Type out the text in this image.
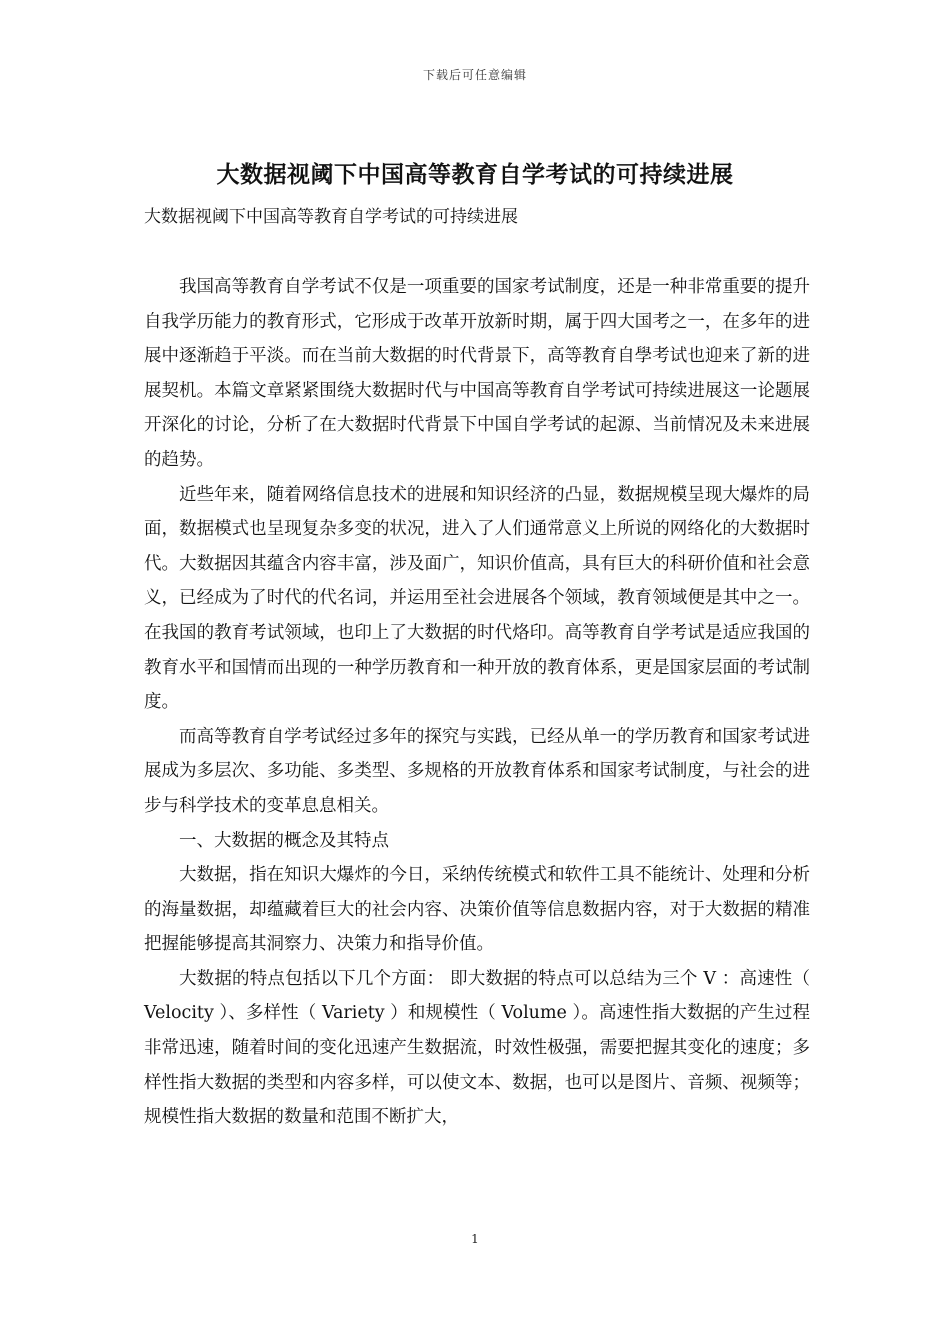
下载后可任意编辑
大数据视阈下中国高等教育自学考试的可持续进展
大数据视阈下中国高等教育自学考试的可持续进展

我国高等教育自学考试不仅是一项重要的国家考试制度，还是一种非常重要的提升自我学历能力的教育形式，它形成于改革开放新时期，属于四大国考之一，在多年的进展中逐渐趋于平淡。而在当前大数据的时代背景下，高等教育自學考试也迎来了新的进展契机。本篇文章紧紧围绕大数据时代与中国高等教育自学考试可持续进展这一论题展开深化的讨论，分析了在大数据时代背景下中国自学考试的起源、当前情况及未来进展的趋势。

近些年来，随着网络信息技术的进展和知识经济的凸显，数据规模呈现大爆炸的局面，数据模式也呈现复杂多变的状况，进入了人们通常意义上所说的网络化的大数据时代。大数据因其蕴含内容丰富，涉及面广，知识价值高，具有巨大的科研价值和社会意义，已经成为了时代的代名词，并运用至社会进展各个领域，教育领域便是其中之一。在我国的教育考试领域，也印上了大数据的时代烙印。高等教育自学考试是适应我国的教育水平和国情而出现的一种学历教育和一种开放的教育体系，更是国家层面的考试制度。

而高等教育自学考试经过多年的探究与实践，已经从单一的学历教育和国家考试进展成为多层次、多功能、多类型、多规格的开放教育体系和国家考试制度，与社会的进步与科学技术的变革息息相关。

一、大数据的概念及其特点

大数据，指在知识大爆炸的今日，采纳传统模式和软件工具不能统计、处理和分析的海量数据，却蕴藏着巨大的社会内容、决策价值等信息数据内容，对于大数据的精准把握能够提高其洞察力、决策力和指导价值。

大数据的特点包括以下几个方面： 即大数据的特点可以总结为三个 V ：高速性（ Velocity ）、多样性（ Variety ）和规模性（ Volume ）。高速性指大数据的产生过程非常迅速，随着时间的变化迅速产生数据流，时效性极强，需要把握其变化的速度；多样性指大数据的类型和内容多样，可以使文本、数据，也可以是图片、音频、视频等；规模性指大数据的数量和范围不断扩大，

1
